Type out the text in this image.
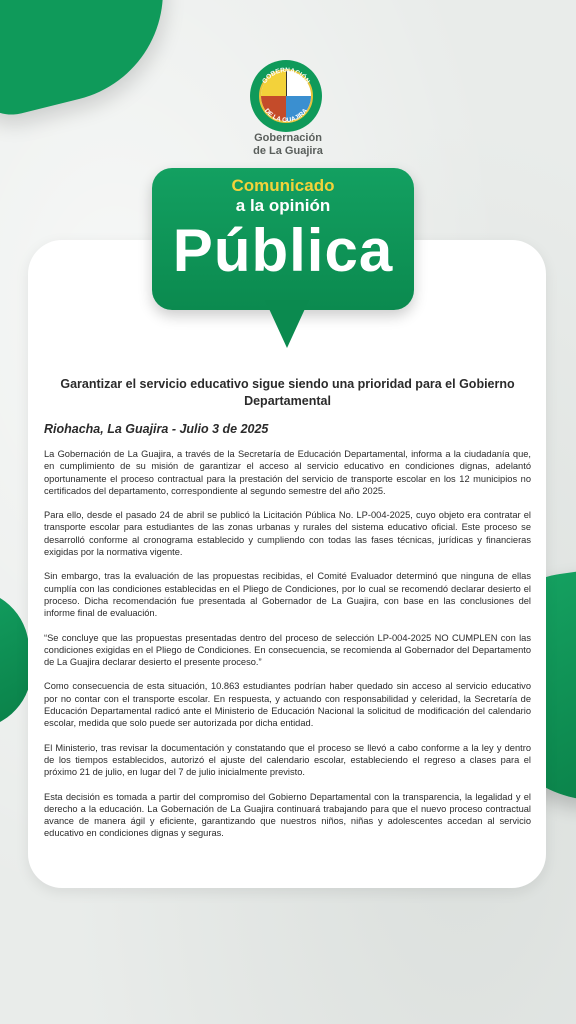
GOBERNACIÓN
DE LA GUAJIRA
Gobernación
de La Guajira
Comunicado
a la opinión
Pública
Garantizar el servicio educativo sigue siendo una prioridad para el Gobierno Departamental
Riohacha, La Guajira - Julio 3 de 2025

La Gobernación de La Guajira, a través de la Secretaría de Educación Departamental, informa a la ciudadanía que, en cumplimiento de su misión de garantizar el acceso al servicio educativo en condiciones dignas, adelantó oportunamente el proceso contractual para la prestación del servicio de transporte escolar en los 12 municipios no certificados del departamento, correspondiente al segundo semestre del año 2025.

Para ello, desde el pasado 24 de abril se publicó la Licitación Pública No. LP-004-2025, cuyo objeto era contratar el transporte escolar para estudiantes de las zonas urbanas y rurales del sistema educativo oficial. Este proceso se desarrolló conforme al cronograma establecido y cumpliendo con todas las fases técnicas, jurídicas y financieras exigidas por la normativa vigente.

Sin embargo, tras la evaluación de las propuestas recibidas, el Comité Evaluador determinó que ninguna de ellas cumplía con las condiciones establecidas en el Pliego de Condiciones, por lo cual se recomendó declarar desierto el proceso. Dicha recomendación fue presentada al Gobernador de La Guajira, con base en las conclusiones del informe final de evaluación.

“Se concluye que las propuestas presentadas dentro del proceso de selección LP-004-2025 NO CUMPLEN con las condiciones exigidas en el Pliego de Condiciones. En consecuencia, se recomienda al Gobernador del Departamento de La Guajira declarar desierto el presente proceso.”

Como consecuencia de esta situación, 10.863 estudiantes podrían haber quedado sin acceso al servicio educativo por no contar con el transporte escolar. En respuesta, y actuando con responsabilidad y celeridad, la Secretaría de Educación Departamental radicó ante el Ministerio de Educación Nacional la solicitud de modificación del calendario escolar, medida que solo puede ser autorizada por dicha entidad.

El Ministerio, tras revisar la documentación y constatando que el proceso se llevó a cabo conforme a la ley y dentro de los tiempos establecidos, autorizó el ajuste del calendario escolar, estableciendo el regreso a clases para el próximo 21 de julio, en lugar del 7 de julio inicialmente previsto.

Esta decisión es tomada a partir del compromiso del Gobierno Departamental con la transparencia, la legalidad y el derecho a la educación. La Gobernación de La Guajira continuará trabajando para que el nuevo proceso contractual avance de manera ágil y eficiente, garantizando que nuestros niños, niñas y adolescentes accedan al servicio educativo en condiciones dignas y seguras.
